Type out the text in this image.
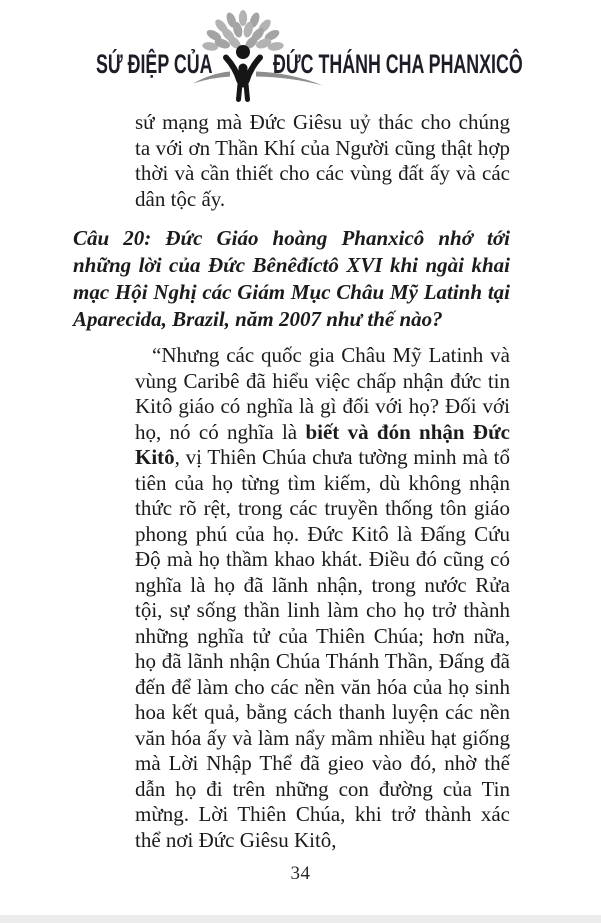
SỨ ĐIỆP CỦA ĐỨC THÁNH CHA PHANXICÔ

sứ mạng mà Đức Giêsu uỷ thác cho chúng ta với ơn Thần Khí của Người cũng thật hợp thời và cần thiết cho các vùng đất ấy và các dân tộc ấy.

Câu 20: Đức Giáo hoàng Phanxicô nhớ tới những lời của Đức Bênêđíctô XVI khi ngài khai mạc Hội Nghị các Giám Mục Châu Mỹ Latinh tại Aparecida, Brazil, năm 2007 như thế nào?

“Nhưng các quốc gia Châu Mỹ Latinh và vùng Caribê đã hiểu việc chấp nhận đức tin Kitô giáo có nghĩa là gì đối với họ? Đối với họ, nó có nghĩa là biết và đón nhận Đức Kitô, vị Thiên Chúa chưa tường minh mà tổ tiên của họ từng tìm kiếm, dù không nhận thức rõ rệt, trong các truyền thống tôn giáo phong phú của họ. Đức Kitô là Đấng Cứu Độ mà họ thầm khao khát. Điều đó cũng có nghĩa là họ đã lãnh nhận, trong nước Rửa tội, sự sống thần linh làm cho họ trở thành những nghĩa tử của Thiên Chúa; hơn nữa, họ đã lãnh nhận Chúa Thánh Thần, Đấng đã đến để làm cho các nền văn hóa của họ sinh hoa kết quả, bằng cách thanh luyện các nền văn hóa ấy và làm nẩy mầm nhiều hạt giống mà Lời Nhập Thể đã gieo vào đó, nhờ thế dẫn họ đi trên những con đường của Tin mừng. Lời Thiên Chúa, khi trở thành xác thể nơi Đức Giêsu Kitô,

34
